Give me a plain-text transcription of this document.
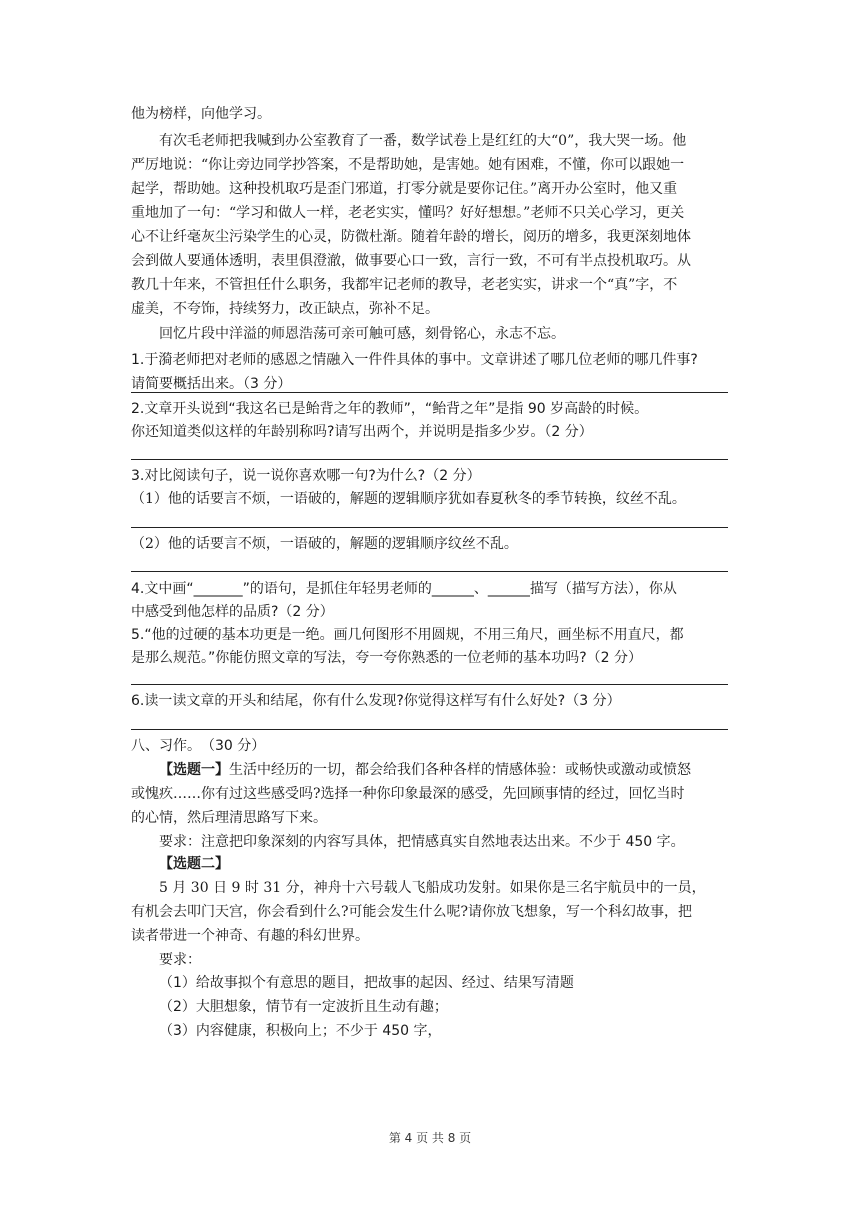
他为榜样，向他学习。
有次毛老师把我喊到办公室教育了一番，数学试卷上是红红的大“0”，我大哭一场。他
严厉地说：“你让旁边同学抄答案，不是帮助她，是害她。她有困难，不懂，你可以跟她一
起学，帮助她。这种投机取巧是歪门邪道，打零分就是要你记住。”离开办公室时，他又重
重地加了一句：“学习和做人一样，老老实实，懂吗？好好想想。”老师不只关心学习，更关
心不让纤毫灰尘污染学生的心灵，防微杜渐。随着年龄的增长，阅历的增多，我更深刻地体
会到做人要通体透明，表里俱澄澈，做事要心口一致，言行一致，不可有半点投机取巧。从
教几十年来，不管担任什么职务，我都牢记老师的教导，老老实实，讲求一个“真”字，不
虚美，不夸饰，持续努力，改正缺点，弥补不足。
回忆片段中洋溢的师恩浩荡可亲可触可感，刻骨铭心，永志不忘。
1.于漪老师把对老师的感恩之情融入一件件具体的事中。文章讲述了哪几位老师的哪几件事?
请简要概括出来。（3 分）
2.文章开头说到“我这名已是鲐背之年的教师”，“鲐背之年”是指 90 岁高龄的时候。
你还知道类似这样的年龄别称吗?请写出两个，并说明是指多少岁。（2 分）
3.对比阅读句子，说一说你喜欢哪一句?为什么?（2 分）
（1）他的话要言不烦，一语破的，解题的逻辑顺序犹如春夏秋冬的季节转换，纹丝不乱。
（2）他的话要言不烦，一语破的，解题的逻辑顺序纹丝不乱。
4.文中画“_______”的语句，是抓住年轻男老师的______、______描写（描写方法），你从
中感受到他怎样的品质?（2 分）
5.“他的过硬的基本功更是一绝。画几何图形不用圆规，不用三角尺，画坐标不用直尺，都
是那么规范。”你能仿照文章的写法，夸一夸你熟悉的一位老师的基本功吗?（2 分）
6.读一读文章的开头和结尾，你有什么发现?你觉得这样写有什么好处?（3 分）
八、习作。　（30 分）
【选题一】 生活中经历的一切，都会给我们各种各样的情感体验：或畅快或激动或愤怒
或愧疚……你有过这些感受吗?选择一种你印象最深的感受，先回顾事情的经过，回忆当时
的心情，然后理清思路写下来。
要求：注意把印象深刻的内容写具体，把情感真实自然地表达出来。不少于 450 字。
【选题二】
5 月 30 日 9 时 31 分，神舟十六号载人飞船成功发射。如果你是三名宇航员中的一员，
有机会去叩门天宫，你会看到什么?可能会发生什么呢?请你放飞想象，写一个科幻故事，把
读者带进一个神奇、有趣的科幻世界。
要求：
（1）给故事拟个有意思的题目，把故事的起因、经过、结果写清题
（2）大胆想象，情节有一定波折且生动有趣；
（3）内容健康，积极向上；不少于 450 字，
第 4 页 共 8 页
